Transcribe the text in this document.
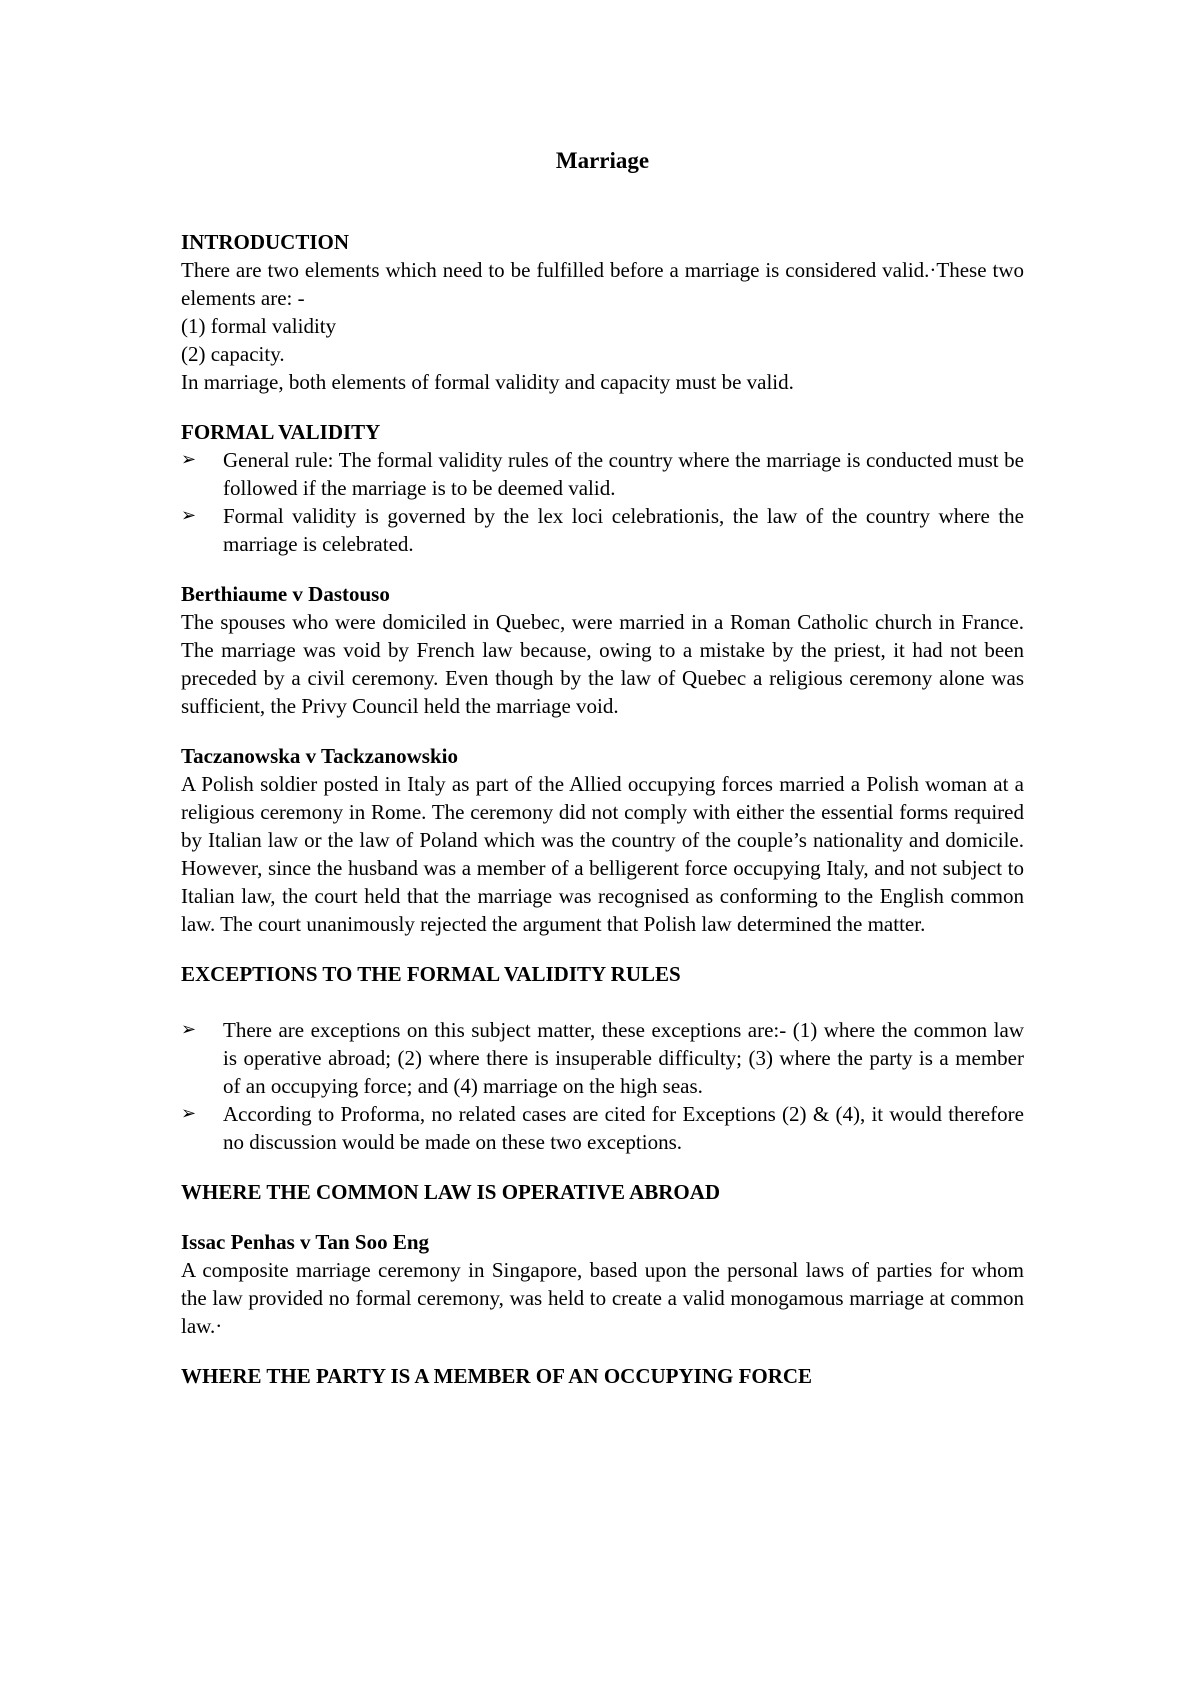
Marriage

INTRODUCTION

There are two elements which need to be fulfilled before a marriage is considered valid.·These two elements are: -

(1) formal validity

(2) capacity.

In marriage, both elements of formal validity and capacity must be valid.

FORMAL VALIDITY

➢	General rule: The formal validity rules of the country where the marriage is conducted must be followed if the marriage is to be deemed valid.
➢	Formal validity is governed by the lex loci celebrationis, the law of the country where the marriage is celebrated.

Berthiaume v Dastouso

The spouses who were domiciled in Quebec, were married in a Roman Catholic church in France. The marriage was void by French law because, owing to a mistake by the priest, it had not been preceded by a civil ceremony. Even though by the law of Quebec a religious ceremony alone was sufficient, the Privy Council held the marriage void.

Taczanowska v Tackzanowskio

A Polish soldier posted in Italy as part of the Allied occupying forces married a Polish woman at a religious ceremony in Rome. The ceremony did not comply with either the essential forms required by Italian law or the law of Poland which was the country of the couple’s nationality and domicile. However, since the husband was a member of a belligerent force occupying Italy, and not subject to Italian law, the court held that the marriage was recognised as conforming to the English common law. The court unanimously rejected the argument that Polish law determined the matter.

EXCEPTIONS TO THE FORMAL VALIDITY RULES

➢	There are exceptions on this subject matter, these exceptions are:- (1) where the common law is operative abroad; (2) where there is insuperable difficulty; (3) where the party is a member of an occupying force; and (4) marriage on the high seas.
➢	According to Proforma, no related cases are cited for Exceptions (2) & (4), it would therefore no discussion would be made on these two exceptions.

WHERE THE COMMON LAW IS OPERATIVE ABROAD

Issac Penhas v Tan Soo Eng

A composite marriage ceremony in Singapore, based upon the personal laws of parties for whom the law provided no formal ceremony, was held to create a valid monogamous marriage at common law.·

WHERE THE PARTY IS A MEMBER OF AN OCCUPYING FORCE
